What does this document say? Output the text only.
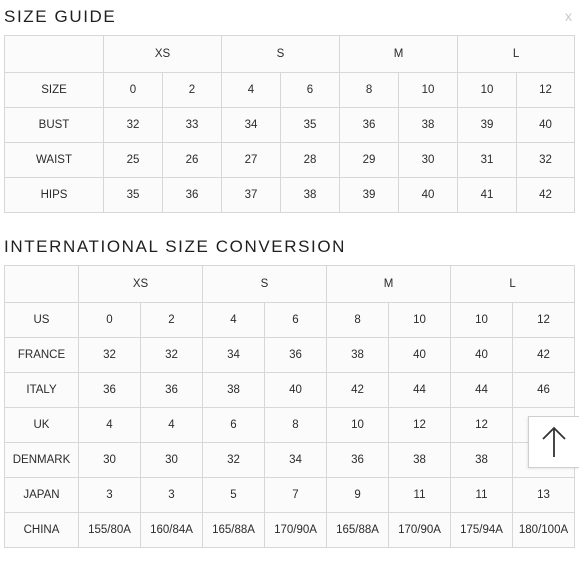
SIZE GUIDE	x
	XS		S		M		L	
SIZE	0	2	4	6	8	10	10	12
BUST	32	33	34	35	36	38	39	40
WAIST	25	26	27	28	29	30	31	32
HIPS	35	36	37	38	39	40	41	42
INTERNATIONAL SIZE CONVERSION
	XS		S		M		L	
US	0	2	4	6	8	10	10	12
FRANCE	32	32	34	36	38	40	40	42
ITALY	36	36	38	40	42	44	44	46
UK	4	4	6	8	10	12	12	
DENMARK	30	30	32	34	36	38	38	
JAPAN	3	3	5	7	9	11	11	13
CHINA	155/80A	160/84A	165/88A	170/90A	165/88A	170/90A	175/94A	180/100A
